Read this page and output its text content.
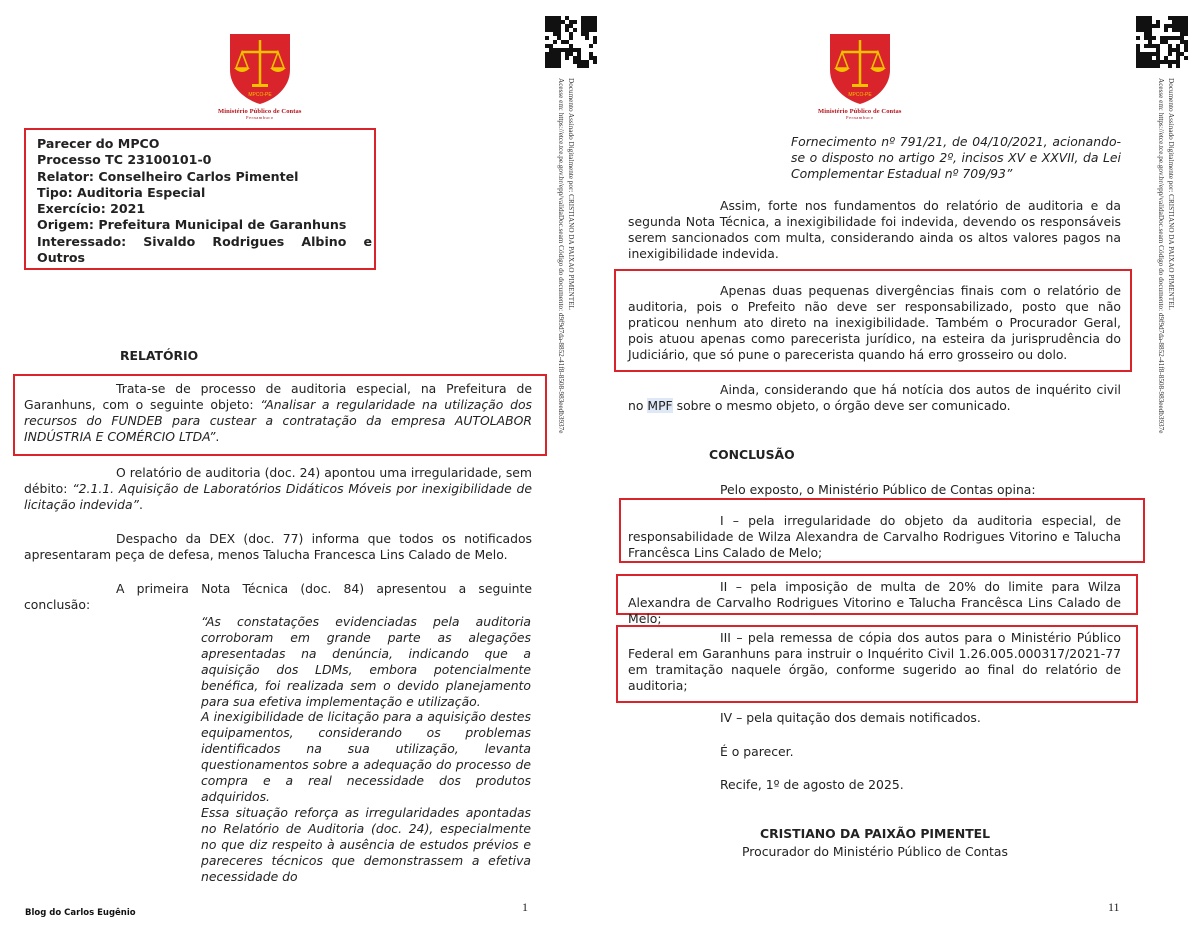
MPCO-PE
Ministério Público de Contas
Pernambuco	Documento Assinado Digitalmente por: CRISTIANO DA PAIXAO PIMENTEL
Acesse em: https://etce.tce.pe.gov.br/epp/validaDoc.seam Código do documento: d9f9d7da-8852-41f8-8508-983eedb3937e
Parecer do MPCO
Processo TC 23100101-0
Relator: Conselheiro Carlos Pimentel
Tipo: Auditoria Especial
Exercício: 2021
Origem: Prefeitura Municipal de Garanhuns
Interessado: Sivaldo Rodrigues Albino e Outros
RELATÓRIO
Trata-se de processo de auditoria especial, na Prefeitura de Garanhuns, com o seguinte objeto: “Analisar a regularidade na utilização dos recursos do FUNDEB para custear a contratação da empresa AUTOLABOR INDÚSTRIA E COMÉRCIO LTDA”.
O relatório de auditoria (doc. 24) apontou uma irregularidade, sem débito: “2.1.1. Aquisição de Laboratórios Didáticos Móveis por inexigibilidade de licitação indevida”.
Despacho da DEX (doc. 77) informa que todos os notificados apresentaram peça de defesa, menos Talucha Francesca Lins Calado de Melo.
A primeira Nota Técnica (doc. 84) apresentou a seguinte conclusão:
“As constatações evidenciadas pela auditoria corroboram em grande parte as alegações apresentadas na denúncia, indicando que a aquisição dos LDMs, embora potencialmente benéfica, foi realizada sem o devido planejamento para sua efetiva implementação e utilização.
A inexigibilidade de licitação para a aquisição destes equipamentos, considerando os problemas identificados na sua utilização, levanta questionamentos sobre a adequação do processo de compra e a real necessidade dos produtos adquiridos.
Essa situação reforça as irregularidades apontadas no Relatório de Auditoria (doc. 24), especialmente no que diz respeito à ausência de estudos prévios e pareceres técnicos que demonstrassem a efetiva necessidade do
1
Blog do Carlos Eugênio
MPCO-PE
Ministério Público de Contas
Pernambuco	Documento Assinado Digitalmente por: CRISTIANO DA PAIXAO PIMENTEL
Acesse em: https://etce.tce.pe.gov.br/epp/validaDoc.seam Código do documento: d9f9d7da-8852-41f8-8508-983eedb3937e
Fornecimento nº 791/21, de 04/10/2021, acionando-se o disposto no artigo 2º, incisos XV e XXVII, da Lei Complementar Estadual nº 709/93”
Assim, forte nos fundamentos do relatório de auditoria e da segunda Nota Técnica, a inexigibilidade foi indevida, devendo os responsáveis serem sancionados com multa, considerando ainda os altos valores pagos na inexigibilidade indevida.
Apenas duas pequenas divergências finais com o relatório de auditoria, pois o Prefeito não deve ser responsabilizado, posto que não praticou nenhum ato direto na inexigibilidade. Também o Procurador Geral, pois atuou apenas como parecerista jurídico, na esteira da jurisprudência do Judiciário, que só pune o parecerista quando há erro grosseiro ou dolo.
Ainda, considerando que há notícia dos autos de inquérito civil no MPF sobre o mesmo objeto, o órgão deve ser comunicado.
CONCLUSÃO
Pelo exposto, o Ministério Público de Contas opina:
I – pela irregularidade do objeto da auditoria especial, de responsabilidade de Wilza Alexandra de Carvalho Rodrigues Vitorino e Talucha Francêsca Lins Calado de Melo;
II – pela imposição de multa de 20% do limite para Wilza Alexandra de Carvalho Rodrigues Vitorino e Talucha Francêsca Lins Calado de Melo;
III – pela remessa de cópia dos autos para o Ministério Público Federal em Garanhuns para instruir o Inquérito Civil 1.26.005.000317/2021-77 em tramitação naquele órgão, conforme sugerido ao final do relatório de auditoria;
IV – pela quitação dos demais notificados.
É o parecer.
Recife, 1º de agosto de 2025.
CRISTIANO DA PAIXÃO PIMENTEL
Procurador do Ministério Público de Contas
11
